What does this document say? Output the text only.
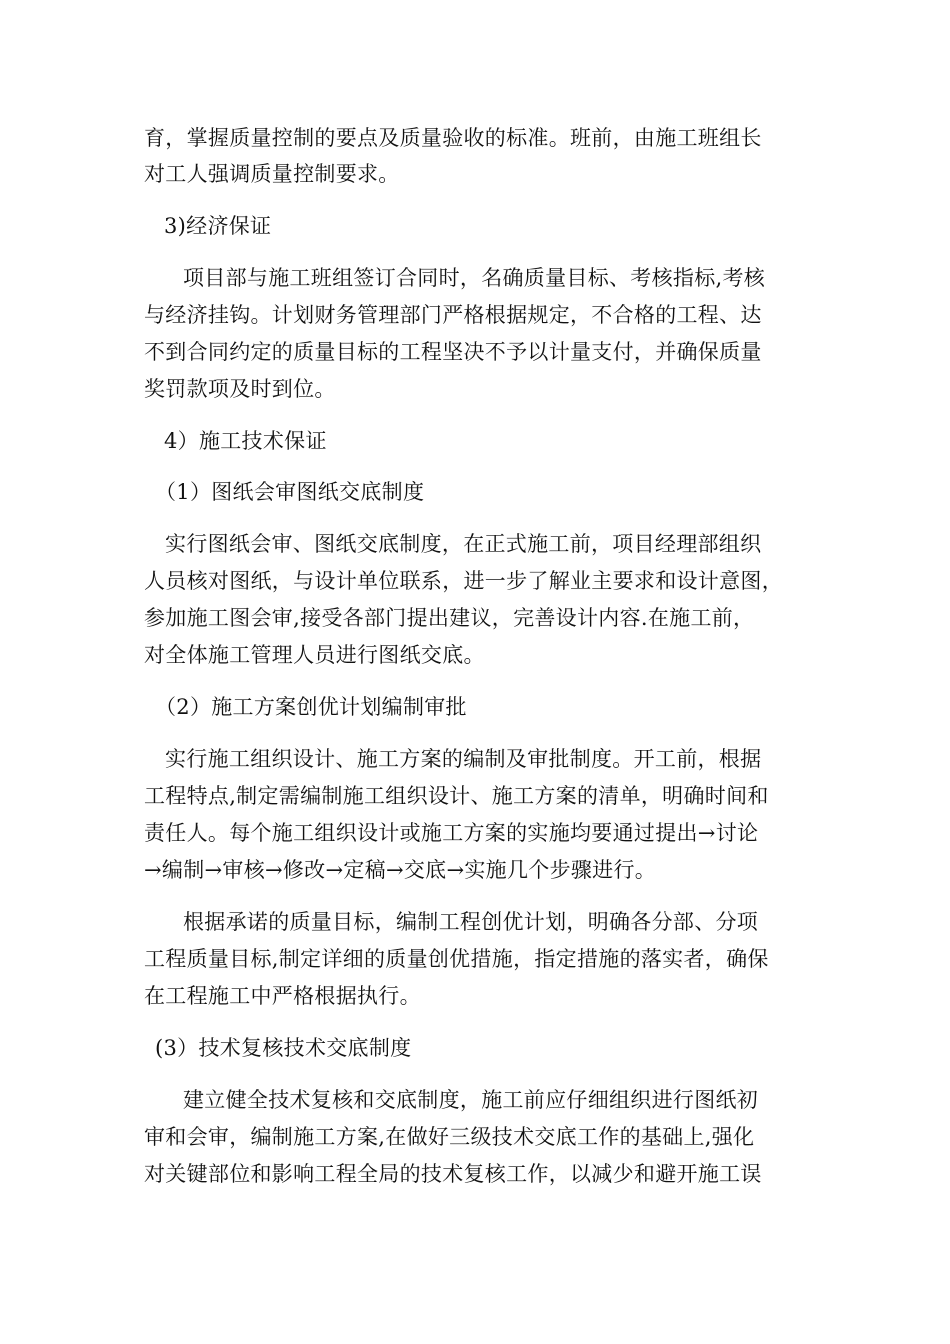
育，掌握质量控制的要点及质量验收的标准。班前，由施工班组长
对工人强调质量控制要求。
3)经济保证
项目部与施工班组签订合同时，名确质量目标、考核指标,考核
与经济挂钩。计划财务管理部门严格根据规定，不合格的工程、达
不到合同约定的质量目标的工程坚决不予以计量支付，并确保质量
奖罚款项及时到位。
4）施工技术保证
（1）图纸会审图纸交底制度
实行图纸会审、图纸交底制度，在正式施工前，项目经理部组织
人员核对图纸，与设计单位联系，进一步了解业主要求和设计意图，
参加施工图会审,接受各部门提出建议，完善设计内容.在施工前，
对全体施工管理人员进行图纸交底。
（2）施工方案创优计划编制审批
实行施工组织设计、施工方案的编制及审批制度。开工前，根据
工程特点,制定需编制施工组织设计、施工方案的清单，明确时间和
责任人。每个施工组织设计或施工方案的实施均要通过提出→讨论
→编制→审核→修改→定稿→交底→实施几个步骤进行。
根据承诺的质量目标，编制工程创优计划，明确各分部、分项
工程质量目标,制定详细的质量创优措施，指定措施的落实者，确保
在工程施工中严格根据执行。
(3）技术复核技术交底制度
建立健全技术复核和交底制度，施工前应仔细组织进行图纸初
审和会审，编制施工方案,在做好三级技术交底工作的基础上,强化
对关键部位和影响工程全局的技术复核工作，以减少和避开施工误
